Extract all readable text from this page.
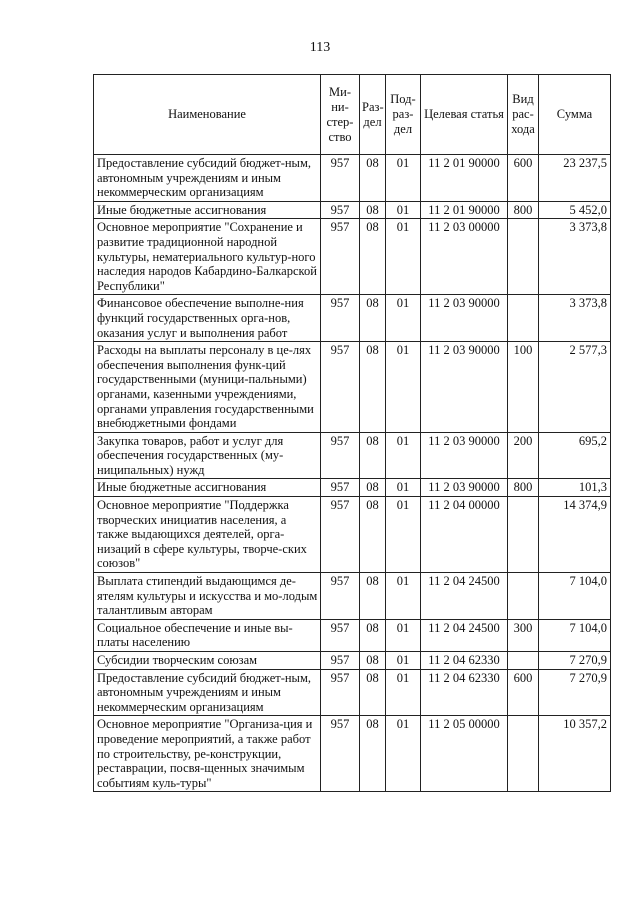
113
Наименование	Ми-ни-стер-ство	Раз-дел	Под-раз-дел	Целевая статья	Вид рас-хода	Сумма
Предоставление субсидий бюджет-ным, автономным учреждениям и иным некоммерческим организациям	957	08	01	11 2 01 90000	600	23 237,5
Иные бюджетные ассигнования	957	08	01	11 2 01 90000	800	5 452,0
Основное мероприятие "Сохранение и развитие традиционной народной культуры, нематериального культур-ного наследия народов Кабардино-Балкарской Республики"	957	08	01	11 2 03 00000		3 373,8
Финансовое обеспечение выполне-ния функций государственных орга-нов, оказания услуг и выполнения работ	957	08	01	11 2 03 90000		3 373,8
Расходы на выплаты персоналу в це-лях обеспечения выполнения функ-ций государственными (муници-пальными) органами, казенными учреждениями, органами управления государственными внебюджетными фондами	957	08	01	11 2 03 90000	100	2 577,3
Закупка товаров, работ и услуг для обеспечения государственных (му-ниципальных) нужд	957	08	01	11 2 03 90000	200	695,2
Иные бюджетные ассигнования	957	08	01	11 2 03 90000	800	101,3
Основное мероприятие "Поддержка творческих инициатив населения, а также выдающихся деятелей, орга-низаций в сфере культуры, творче-ских союзов"	957	08	01	11 2 04 00000		14 374,9
Выплата стипендий выдающимся де-ятелям культуры и искусства и мо-лодым талантливым авторам	957	08	01	11 2 04 24500		7 104,0
Социальное обеспечение и иные вы-платы населению	957	08	01	11 2 04 24500	300	7 104,0
Субсидии творческим союзам	957	08	01	11 2 04 62330		7 270,9
Предоставление субсидий бюджет-ным, автономным учреждениям и иным некоммерческим организациям	957	08	01	11 2 04 62330	600	7 270,9
Основное мероприятие "Организа-ция и проведение мероприятий, а также работ по строительству, ре-конструкции, реставрации, посвя-щенных значимым событиям куль-туры"	957	08	01	11 2 05 00000		10 357,2
